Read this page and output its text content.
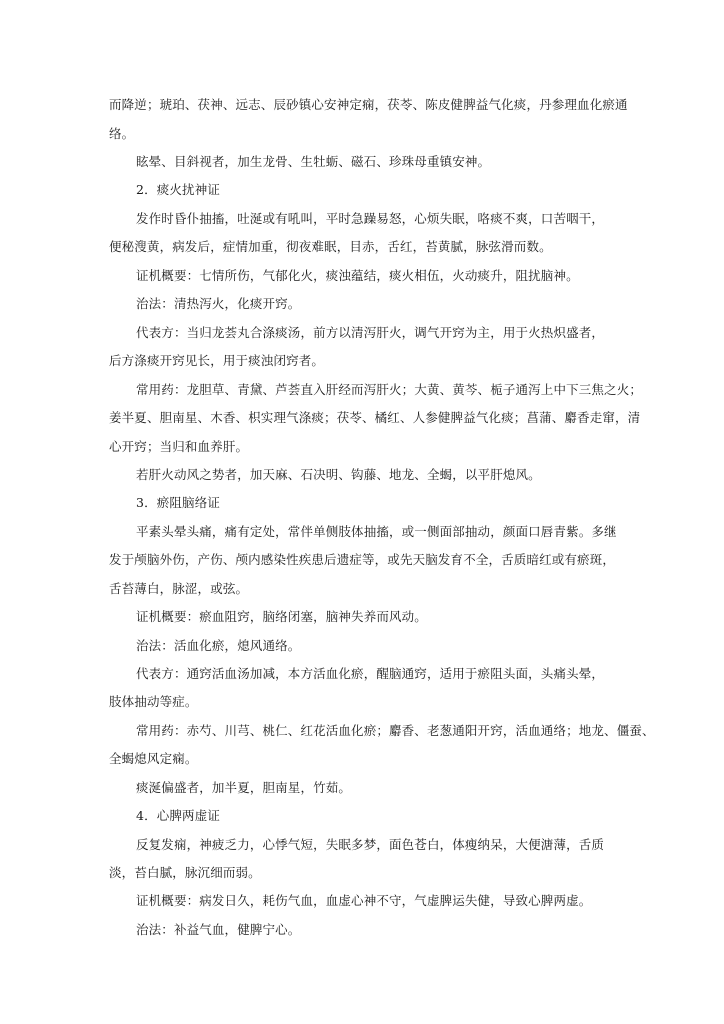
而降逆；琥珀、茯神、远志、辰砂镇心安神定痫，茯苓、陈皮健脾益气化痰，丹参理血化瘀通
络。
眩晕、目斜视者，加生龙骨、生牡蛎、磁石、珍珠母重镇安神。
2．痰火扰神证
发作时昏仆抽搐，吐涎或有吼叫，平时急躁易怒，心烦失眠，咯痰不爽，口苦咽干，
便秘溲黄，病发后，症情加重，彻夜难眠，目赤，舌红，苔黄腻，脉弦滑而数。
证机概要：七情所伤，气郁化火，痰浊蕴结，痰火相伍，火动痰升，阻扰脑神。
治法：清热泻火，化痰开窍。
代表方：当归龙荟丸合涤痰汤，前方以清泻肝火，调气开窍为主，用于火热炽盛者，
后方涤痰开窍见长，用于痰浊闭窍者。
常用药：龙胆草、青黛、芦荟直入肝经而泻肝火；大黄、黄芩、栀子通泻上中下三焦之火；
姜半夏、胆南星、木香、枳实理气涤痰；茯苓、橘红、人参健脾益气化痰；菖蒲、麝香走窜，清
心开窍；当归和血养肝。
若肝火动风之势者，加天麻、石决明、钩藤、地龙、全蝎，以平肝熄风。
3．瘀阻脑络证
平素头晕头痛，痛有定处，常伴单侧肢体抽搐，或一侧面部抽动，颜面口唇青紫。多继
发于颅脑外伤，产伤、颅内感染性疾患后遗症等，或先天脑发育不全，舌质暗红或有瘀斑，
舌苔薄白，脉涩，或弦。
证机概要：瘀血阻窍，脑络闭塞，脑神失养而风动。
治法：活血化瘀，熄风通络。
代表方：通窍活血汤加减，本方活血化瘀，醒脑通窍，适用于瘀阻头面，头痛头晕，
肢体抽动等症。
常用药：赤芍、川芎、桃仁、红花活血化瘀；麝香、老葱通阳开窍，活血通络；地龙、僵蚕、
全蝎熄风定痫。
痰涎偏盛者，加半夏，胆南星，竹茹。
4．心脾两虚证
反复发痫，神疲乏力，心悸气短，失眠多梦，面色苍白，体瘦纳呆，大便溏薄，舌质
淡，苔白腻，脉沉细而弱。
证机概要：病发日久，耗伤气血，血虚心神不守，气虚脾运失健，导致心脾两虚。
治法：补益气血，健脾宁心。
